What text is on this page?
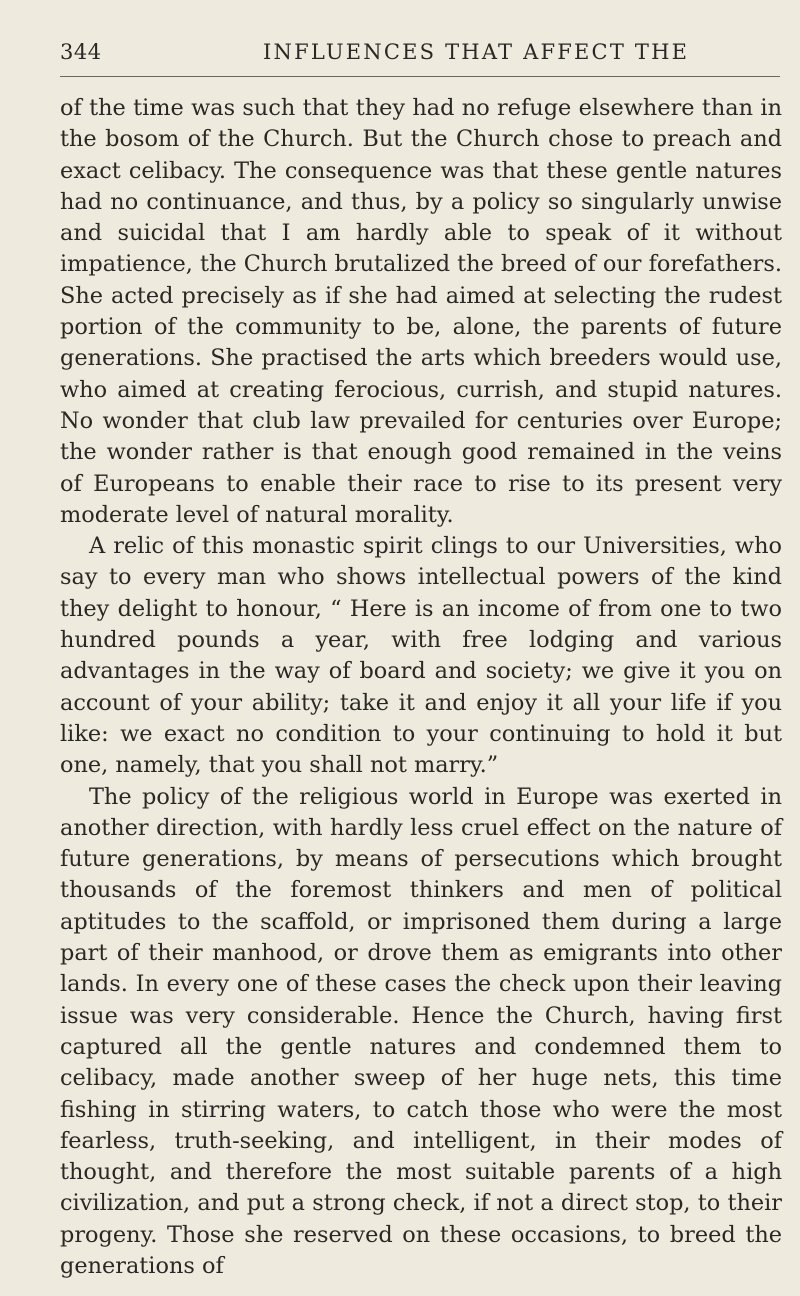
344	INFLUENCES THAT AFFECT THE

of the time was such that they had no refuge elsewhere than in the bosom of the Church. But the Church chose to preach and exact celibacy. The consequence was that these gentle natures had no continuance, and thus, by a policy so singularly unwise and suicidal that I am hardly able to speak of it without impatience, the Church brutalized the breed of our forefathers. She acted precisely as if she had aimed at selecting the rudest portion of the community to be, alone, the parents of future generations. She practised the arts which breeders would use, who aimed at creating ferocious, currish, and stupid natures. No wonder that club law prevailed for centuries over Europe; the wonder rather is that enough good remained in the veins of Europeans to enable their race to rise to its present very moderate level of natural morality.

A relic of this monastic spirit clings to our Universities, who say to every man who shows intellectual powers of the kind they delight to honour, “ Here is an income of from one to two hundred pounds a year, with free lodging and various advantages in the way of board and society; we give it you on account of your ability; take it and enjoy it all your life if you like: we exact no condition to your continuing to hold it but one, namely, that you shall not marry.”

The policy of the religious world in Europe was exerted in another direction, with hardly less cruel effect on the nature of future generations, by means of persecutions which brought thousands of the foremost thinkers and men of political aptitudes to the scaffold, or imprisoned them during a large part of their manhood, or drove them as emigrants into other lands. In every one of these cases the check upon their leaving issue was very considerable. Hence the Church, having first captured all the gentle natures and condemned them to celibacy, made another sweep of her huge nets, this time fishing in stirring waters, to catch those who were the most fearless, truth-seeking, and intelligent, in their modes of thought, and therefore the most suitable parents of a high civilization, and put a strong check, if not a direct stop, to their progeny. Those she reserved on these occasions, to breed the generations of
